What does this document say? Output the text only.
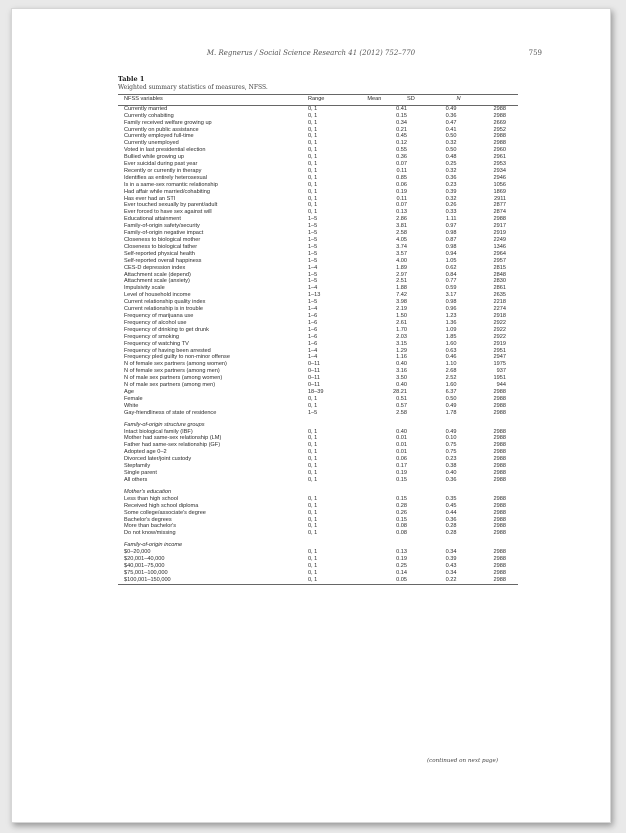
M. Regnerus / Social Science Research 41 (2012) 752–770	759
Table 1
Weighted summary statistics of measures, NFSS.
NFSS variables	Range	Mean	SD	N
Currently married	0, 1	0.41	0.49	2988
Currently cohabiting	0, 1	0.15	0.36	2988
Family received welfare growing up	0, 1	0.34	0.47	2669
Currently on public assistance	0, 1	0.21	0.41	2952
Currently employed full-time	0, 1	0.45	0.50	2988
Currently unemployed	0, 1	0.12	0.32	2988
Voted in last presidential election	0, 1	0.55	0.50	2960
Bullied while growing up	0, 1	0.36	0.48	2961
Ever suicidal during past year	0, 1	0.07	0.25	2953
Recently or currently in therapy	0, 1	0.11	0.32	2934
Identifies as entirely heterosexual	0, 1	0.85	0.36	2946
Is in a same-sex romantic relationship	0, 1	0.06	0.23	1056
Had affair while married/cohabiting	0, 1	0.19	0.39	1869
Has ever had an STI	0, 1	0.11	0.32	2911
Ever touched sexually by parent/adult	0, 1	0.07	0.26	2877
Ever forced to have sex against will	0, 1	0.13	0.33	2874
Educational attainment	1–5	2.86	1.11	2988
Family-of-origin safety/security	1–5	3.81	0.97	2917
Family-of-origin negative impact	1–5	2.58	0.98	2919
Closeness to biological mother	1–5	4.05	0.87	2249
Closeness to biological father	1–5	3.74	0.98	1346
Self-reported physical health	1–5	3.57	0.94	2964
Self-reported overall happiness	1–5	4.00	1.05	2957
CES-D depression index	1–4	1.89	0.62	2815
Attachment scale (depend)	1–5	2.97	0.84	2848
Attachment scale (anxiety)	1–5	2.51	0.77	2830
Impulsivity scale	1–4	1.88	0.59	2861
Level of household income	1–13	7.42	3.17	2635
Current relationship quality index	1–5	3.98	0.98	2218
Current relationship is in trouble	1–4	2.19	0.96	2274
Frequency of marijuana use	1–6	1.50	1.23	2918
Frequency of alcohol use	1–6	2.61	1.36	2922
Frequency of drinking to get drunk	1–6	1.70	1.09	2922
Frequency of smoking	1–6	2.03	1.85	2922
Frequency of watching TV	1–6	3.15	1.60	2919
Frequency of having been arrested	1–4	1.29	0.63	2951
Frequency pled guilty to non-minor offense	1–4	1.16	0.46	2947
N of female sex partners (among women)	0–11	0.40	1.10	1975
N of female sex partners (among men)	0–11	3.16	2.68	937
N of male sex partners (among women)	0–11	3.50	2.52	1951
N of male sex partners (among men)	0–11	0.40	1.60	944
Age	18–39	28.21	6.37	2988
Female	0, 1	0.51	0.50	2988
White	0, 1	0.57	0.49	2988
Gay-friendliness of state of residence	1–5	2.58	1.78	2988
Family-of-origin structure groups				
Intact biological family (IBF)	0, 1	0.40	0.49	2988
Mother had same-sex relationship (LM)	0, 1	0.01	0.10	2988
Father had same-sex relationship (GF)	0, 1	0.01	0.75	2988
Adopted age 0–2	0, 1	0.01	0.75	2988
Divorced later/joint custody	0, 1	0.06	0.23	2988
Stepfamily	0, 1	0.17	0.38	2988
Single parent	0, 1	0.19	0.40	2988
All others	0, 1	0.15	0.36	2988
Mother's education				
Less than high school	0, 1	0.15	0.35	2988
Received high school diploma	0, 1	0.28	0.45	2988
Some college/associate's degree	0, 1	0.26	0.44	2988
Bachelor's degrees	0, 1	0.15	0.36	2988
More than bachelor's	0, 1	0.08	0.28	2988
Do not know/missing	0, 1	0.08	0.28	2988
Family-of-origin income				
$0–20,000	0, 1	0.13	0.34	2988
$20,001–40,000	0, 1	0.19	0.39	2988
$40,001–75,000	0, 1	0.25	0.43	2988
$75,001–100,000	0, 1	0.14	0.34	2988
$100,001–150,000	0, 1	0.05	0.22	2988
(continued on next page)
